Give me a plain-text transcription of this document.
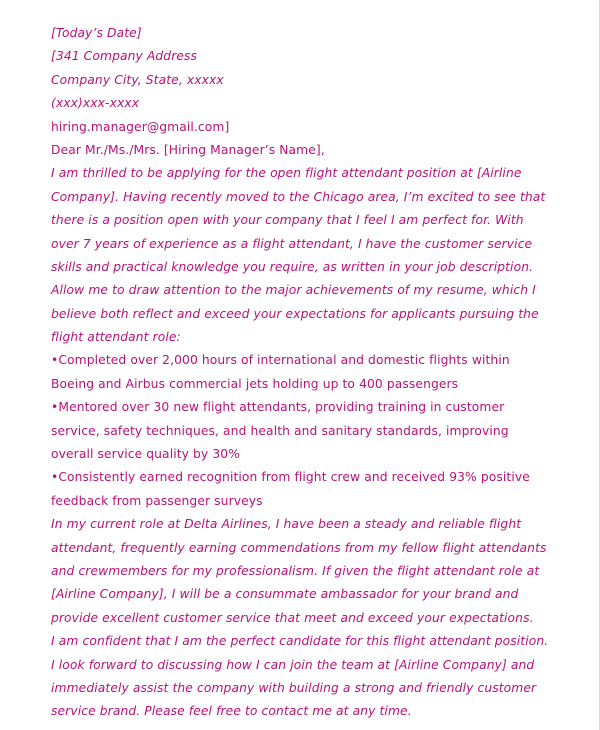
[Today’s Date]
[341 Company Address
Company City, State, xxxxx
(xxx)xxx-xxxx
hiring.manager@gmail.com]
Dear Mr./Ms./Mrs. [Hiring Manager’s Name],
I am thrilled to be applying for the open flight attendant position at [Airline
Company]. Having recently moved to the Chicago area, I’m excited to see that
there is a position open with your company that I feel I am perfect for. With
over 7 years of experience as a flight attendant, I have the customer service
skills and practical knowledge you require, as written in your job description.
Allow me to draw attention to the major achievements of my resume, which I
believe both reflect and exceed your expectations for applicants pursuing the
flight attendant role:
•Completed over 2,000 hours of international and domestic flights within
Boeing and Airbus commercial jets holding up to 400 passengers
•Mentored over 30 new flight attendants, providing training in customer
service, safety techniques, and health and sanitary standards, improving
overall service quality by 30%
•Consistently earned recognition from flight crew and received 93% positive
feedback from passenger surveys
In my current role at Delta Airlines, I have been a steady and reliable flight
attendant, frequently earning commendations from my fellow flight attendants
and crewmembers for my professionalism. If given the flight attendant role at
[Airline Company], I will be a consummate ambassador for your brand and
provide excellent customer service that meet and exceed your expectations.
I am confident that I am the perfect candidate for this flight attendant position.
I look forward to discussing how I can join the team at [Airline Company] and
immediately assist the company with building a strong and friendly customer
service brand. Please feel free to contact me at any time.
